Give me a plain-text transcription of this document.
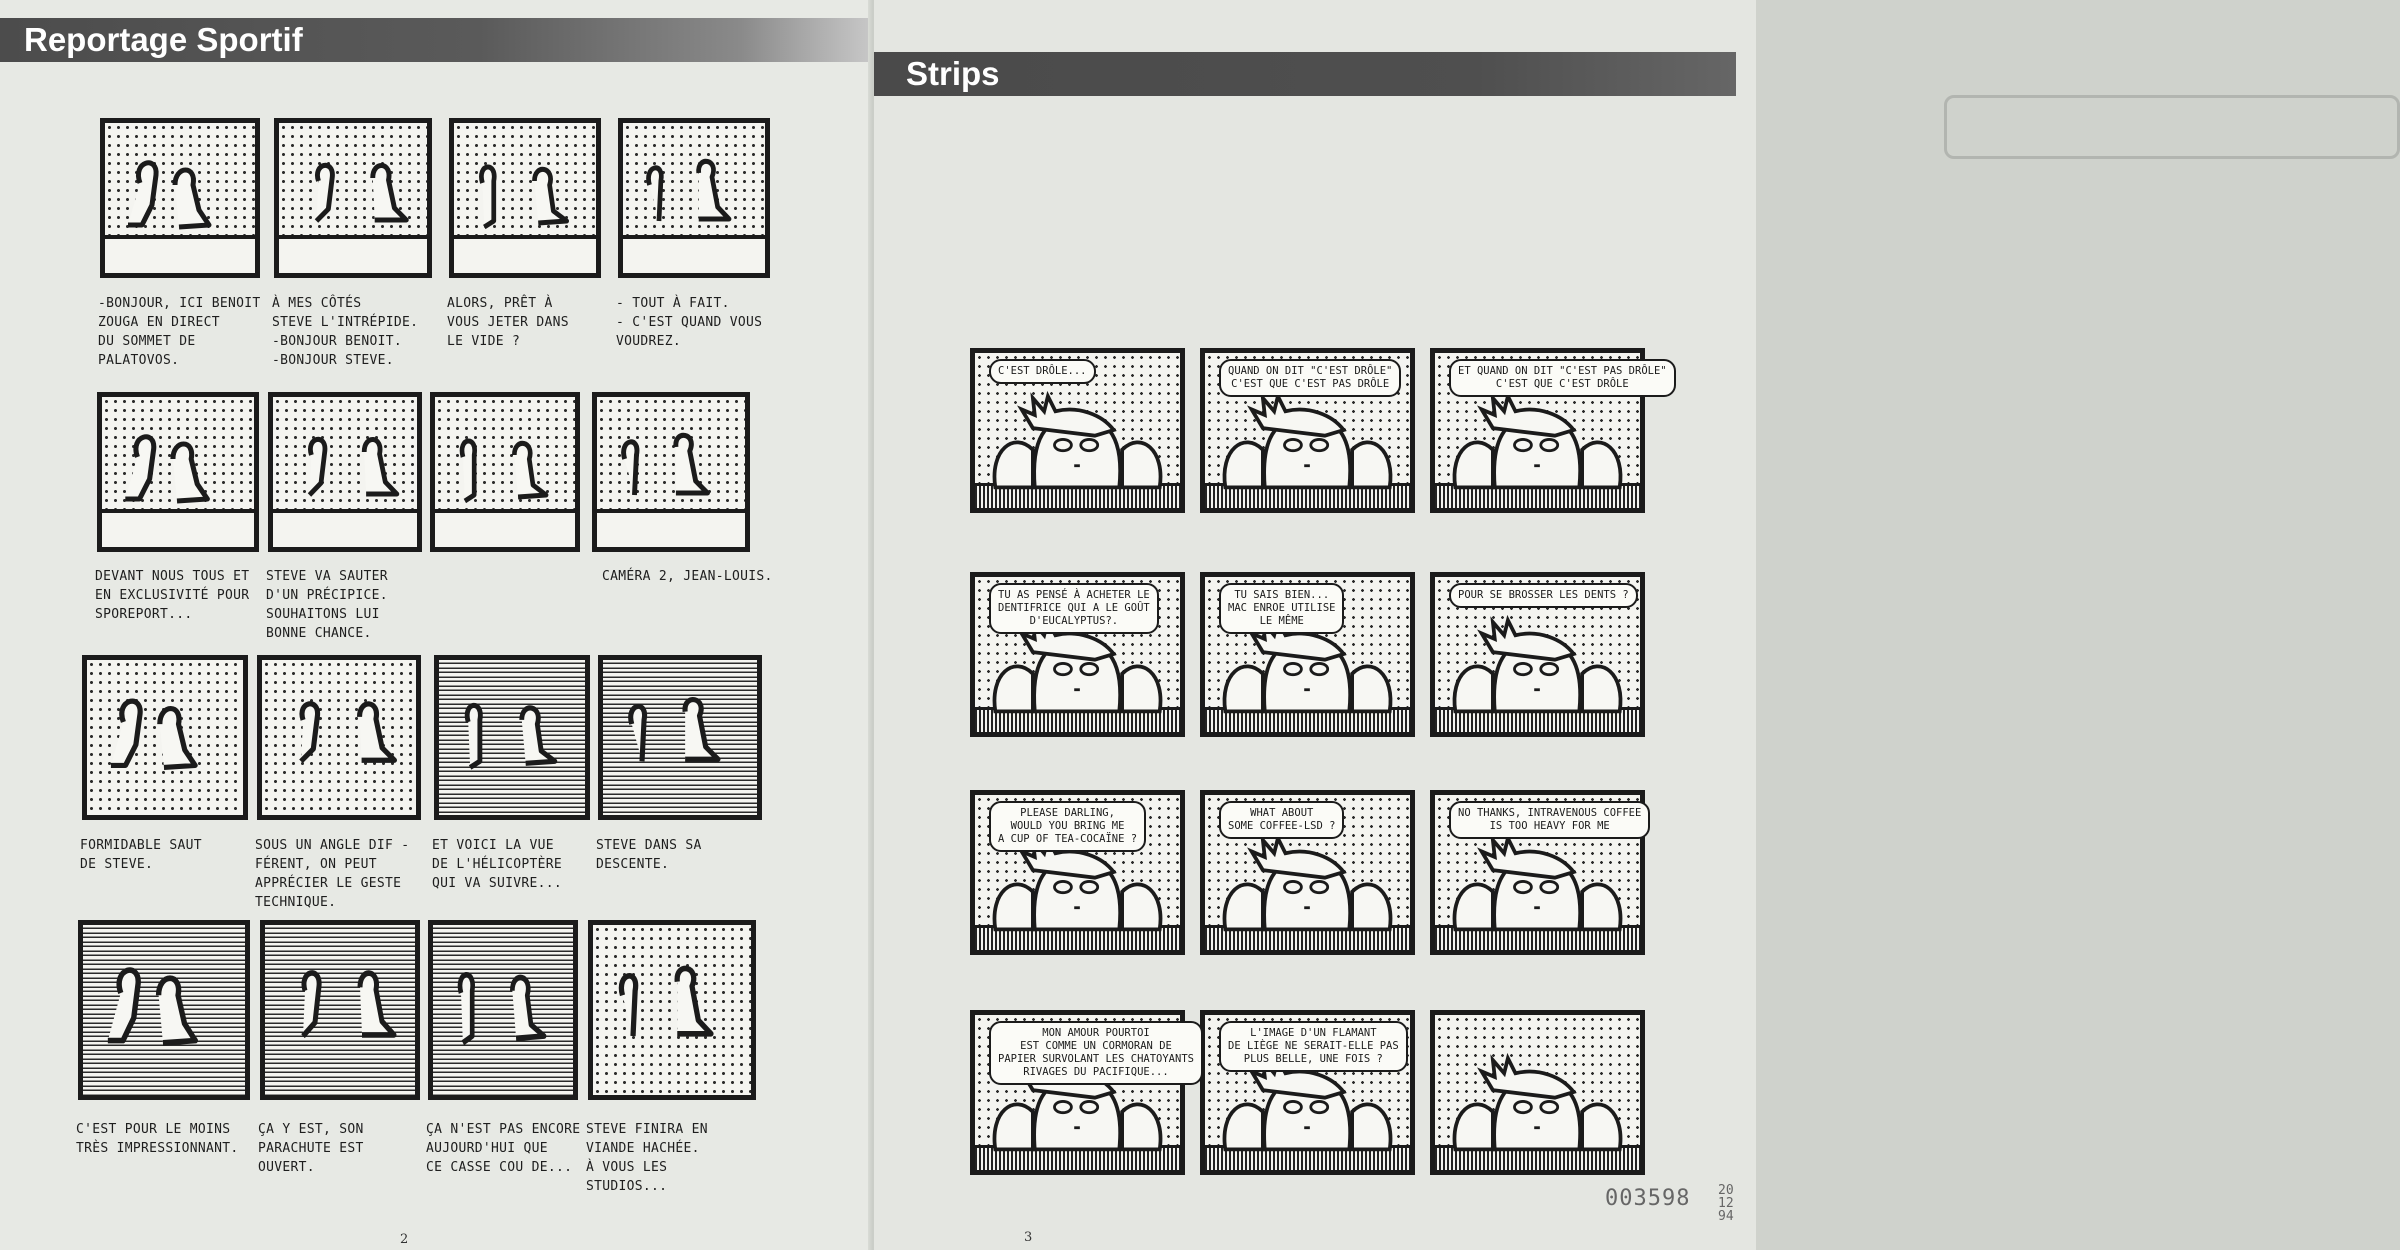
Reportage Sportif
-BONJOUR, ICI BENOIT
ZOUGA EN DIRECT
DU SOMMET DE
PALATOVOS.
À MES CÔTÉS
STEVE L'INTRÉPIDE.
-BONJOUR BENOIT.
-BONJOUR STEVE.
ALORS, PRÊT À
VOUS JETER DANS
LE VIDE ?
- TOUT À FAIT.
- C'EST QUAND VOUS
VOUDREZ.
DEVANT NOUS TOUS ET
EN EXCLUSIVITÉ POUR
SPOREPORT...
STEVE VA SAUTER
D'UN PRÉCIPICE.
SOUHAITONS LUI
BONNE CHANCE.
CAMÉRA 2, JEAN-LOUIS.
FORMIDABLE SAUT
DE STEVE.
SOUS UN ANGLE DIF -
FÉRENT, ON PEUT
APPRÉCIER LE GESTE
TECHNIQUE.
ET VOICI LA VUE
DE L'HÉLICOPTÈRE
QUI VA SUIVRE...
STEVE DANS SA
DESCENTE.
C'EST POUR LE MOINS
TRÈS IMPRESSIONNANT.
ÇA Y EST, SON
PARACHUTE EST
OUVERT.
ÇA N'EST PAS ENCORE
AUJOURD'HUI QUE
CE CASSE COU DE...
STEVE FINIRA EN
VIANDE HACHÉE.
À VOUS LES
STUDIOS...
2
Strips
C'EST DRÔLE...	QUAND ON DIT "C'EST DRÔLE"
C'EST QUE C'EST PAS DRÔLE
ET QUAND ON DIT "C'EST PAS DRÔLE"
C'EST QUE C'EST DRÔLE
TU AS PENSÉ À ACHETER LE
DENTIFRICE QUI A LE GOÛT
D'EUCALYPTUS?.
TU SAIS BIEN...
MAC ENROE UTILISE
LE MÊME
POUR SE BROSSER LES DENTS ?
PLEASE DARLING,
WOULD YOU BRING ME
A CUP OF TEA-COCAÏNE ?
WHAT ABOUT
SOME COFFEE-LSD ?
NO THANKS, INTRAVENOUS COFFEE
IS TOO HEAVY FOR ME
MON AMOUR POURTOI
EST COMME UN CORMORAN DE
PAPIER SURVOLANT LES CHATOYANTS
RIVAGES DU PACIFIQUE...
L'IMAGE D'UN FLAMANT
DE LIÈGE NE SERAIT-ELLE PAS
PLUS BELLE, UNE FOIS ?
3
003598 20
12
94
